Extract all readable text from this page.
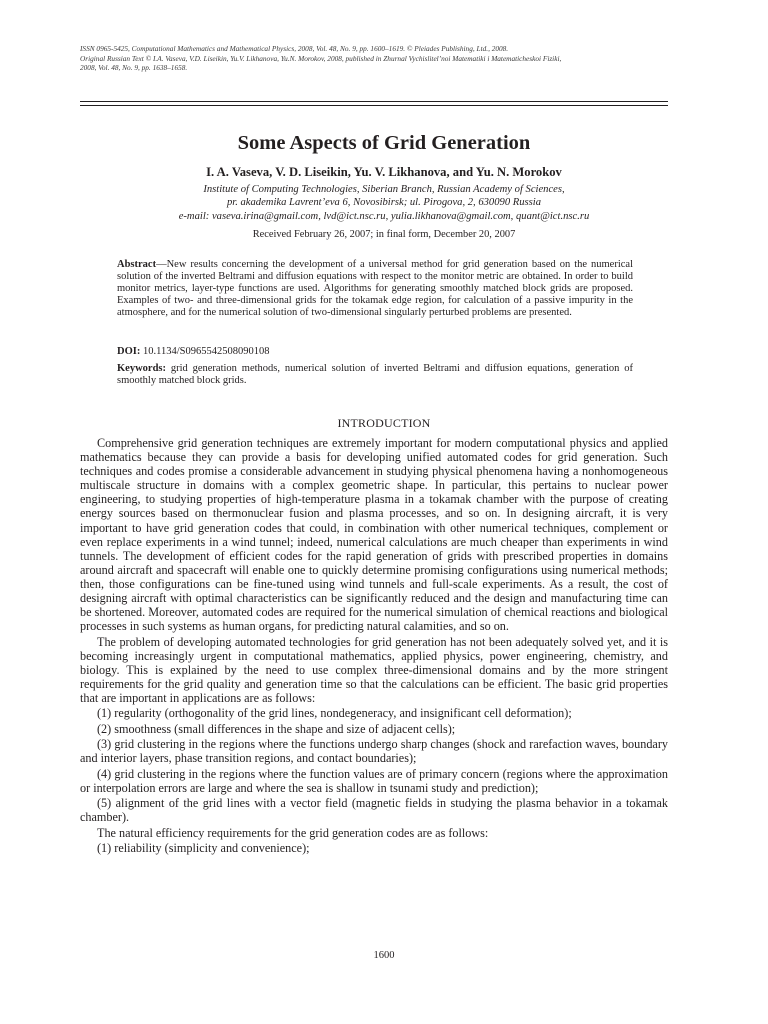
ISSN 0965-5425, Computational Mathematics and Mathematical Physics, 2008, Vol. 48, No. 9, pp. 1600–1619. © Pleiades Publishing, Ltd., 2008.

Original Russian Text © I.A. Vaseva, V.D. Liseikin, Yu.V. Likhanova, Yu.N. Morokov, 2008, published in Zhurnal Vychislitel’noi Matematiki i Matematicheskoi Fiziki,

2008, Vol. 48, No. 9, pp. 1638–1658.

Some Aspects of Grid Generation
I. A. Vaseva, V. D. Liseikin, Yu. V. Likhanova, and Yu. N. Morokov

Institute of Computing Technologies, Siberian Branch, Russian Academy of Sciences,

pr. akademika Lavrent’eva 6, Novosibirsk; ul. Pirogova, 2, 630090 Russia

e-mail: vaseva.irina@gmail.com, lvd@ict.nsc.ru, yulia.likhanova@gmail.com, quant@ict.nsc.ru

Received February 26, 2007; in final form, December 20, 2007

Abstract—New results concerning the development of a universal method for grid generation based on the numerical solution of the inverted Beltrami and diffusion equations with respect to the monitor metric are obtained. In order to build monitor metrics, layer-type functions are used. Algorithms for generating smoothly matched block grids are proposed. Examples of two- and three-dimensional grids for the tokamak edge region, for calculation of a passive impurity in the atmosphere, and for the numerical solution of two-dimensional singularly perturbed problems are presented.

DOI: 10.1134/S0965542508090108
Keywords: grid generation methods, numerical solution of inverted Beltrami and diffusion equations, generation of smoothly matched block grids.
INTRODUCTION

Comprehensive grid generation techniques are extremely important for modern computational physics and applied mathematics because they can provide a basis for developing unified automated codes for grid generation. Such techniques and codes promise a considerable advancement in studying physical phenomena having a nonhomogeneous multiscale structure in domains with a complex geometric shape. In particular, this pertains to nuclear power engineering, to studying properties of high-temperature plasma in a tokamak chamber with the purpose of creating energy sources based on thermonuclear fusion and plasma processes, and so on. In designing aircraft, it is very important to have grid generation codes that could, in combination with other numerical techniques, complement or even replace experiments in a wind tunnel; indeed, numerical calculations are much cheaper than experiments in wind tunnels. The development of efficient codes for the rapid generation of grids with prescribed properties in domains around aircraft and spacecraft will enable one to quickly determine promising configurations using numerical methods; then, those configurations can be fine-tuned using wind tunnels and full-scale experiments. As a result, the cost of designing aircraft with optimal characteristics can be significantly reduced and the design and manufacturing time can be shortened. Moreover, automated codes are required for the numerical simulation of chemical reactions and biological processes in such systems as human organs, for predicting natural calamities, and so on.

The problem of developing automated technologies for grid generation has not been adequately solved yet, and it is becoming increasingly urgent in computational mathematics, applied physics, power engineering, chemistry, and biology. This is explained by the need to use complex three-dimensional domains and by the more stringent requirements for the grid quality and generation time so that the calculations can be efficient. The basic grid properties that are important in applications are as follows:

(1) regularity (orthogonality of the grid lines, nondegeneracy, and insignificant cell deformation);

(2) smoothness (small differences in the shape and size of adjacent cells);

(3) grid clustering in the regions where the functions undergo sharp changes (shock and rarefaction waves, boundary and interior layers, phase transition regions, and contact boundaries);

(4) grid clustering in the regions where the function values are of primary concern (regions where the approximation or interpolation errors are large and where the sea is shallow in tsunami study and prediction);

(5) alignment of the grid lines with a vector field (magnetic fields in studying the plasma behavior in a tokamak chamber).

The natural efficiency requirements for the grid generation codes are as follows:

(1) reliability (simplicity and convenience);

1600
